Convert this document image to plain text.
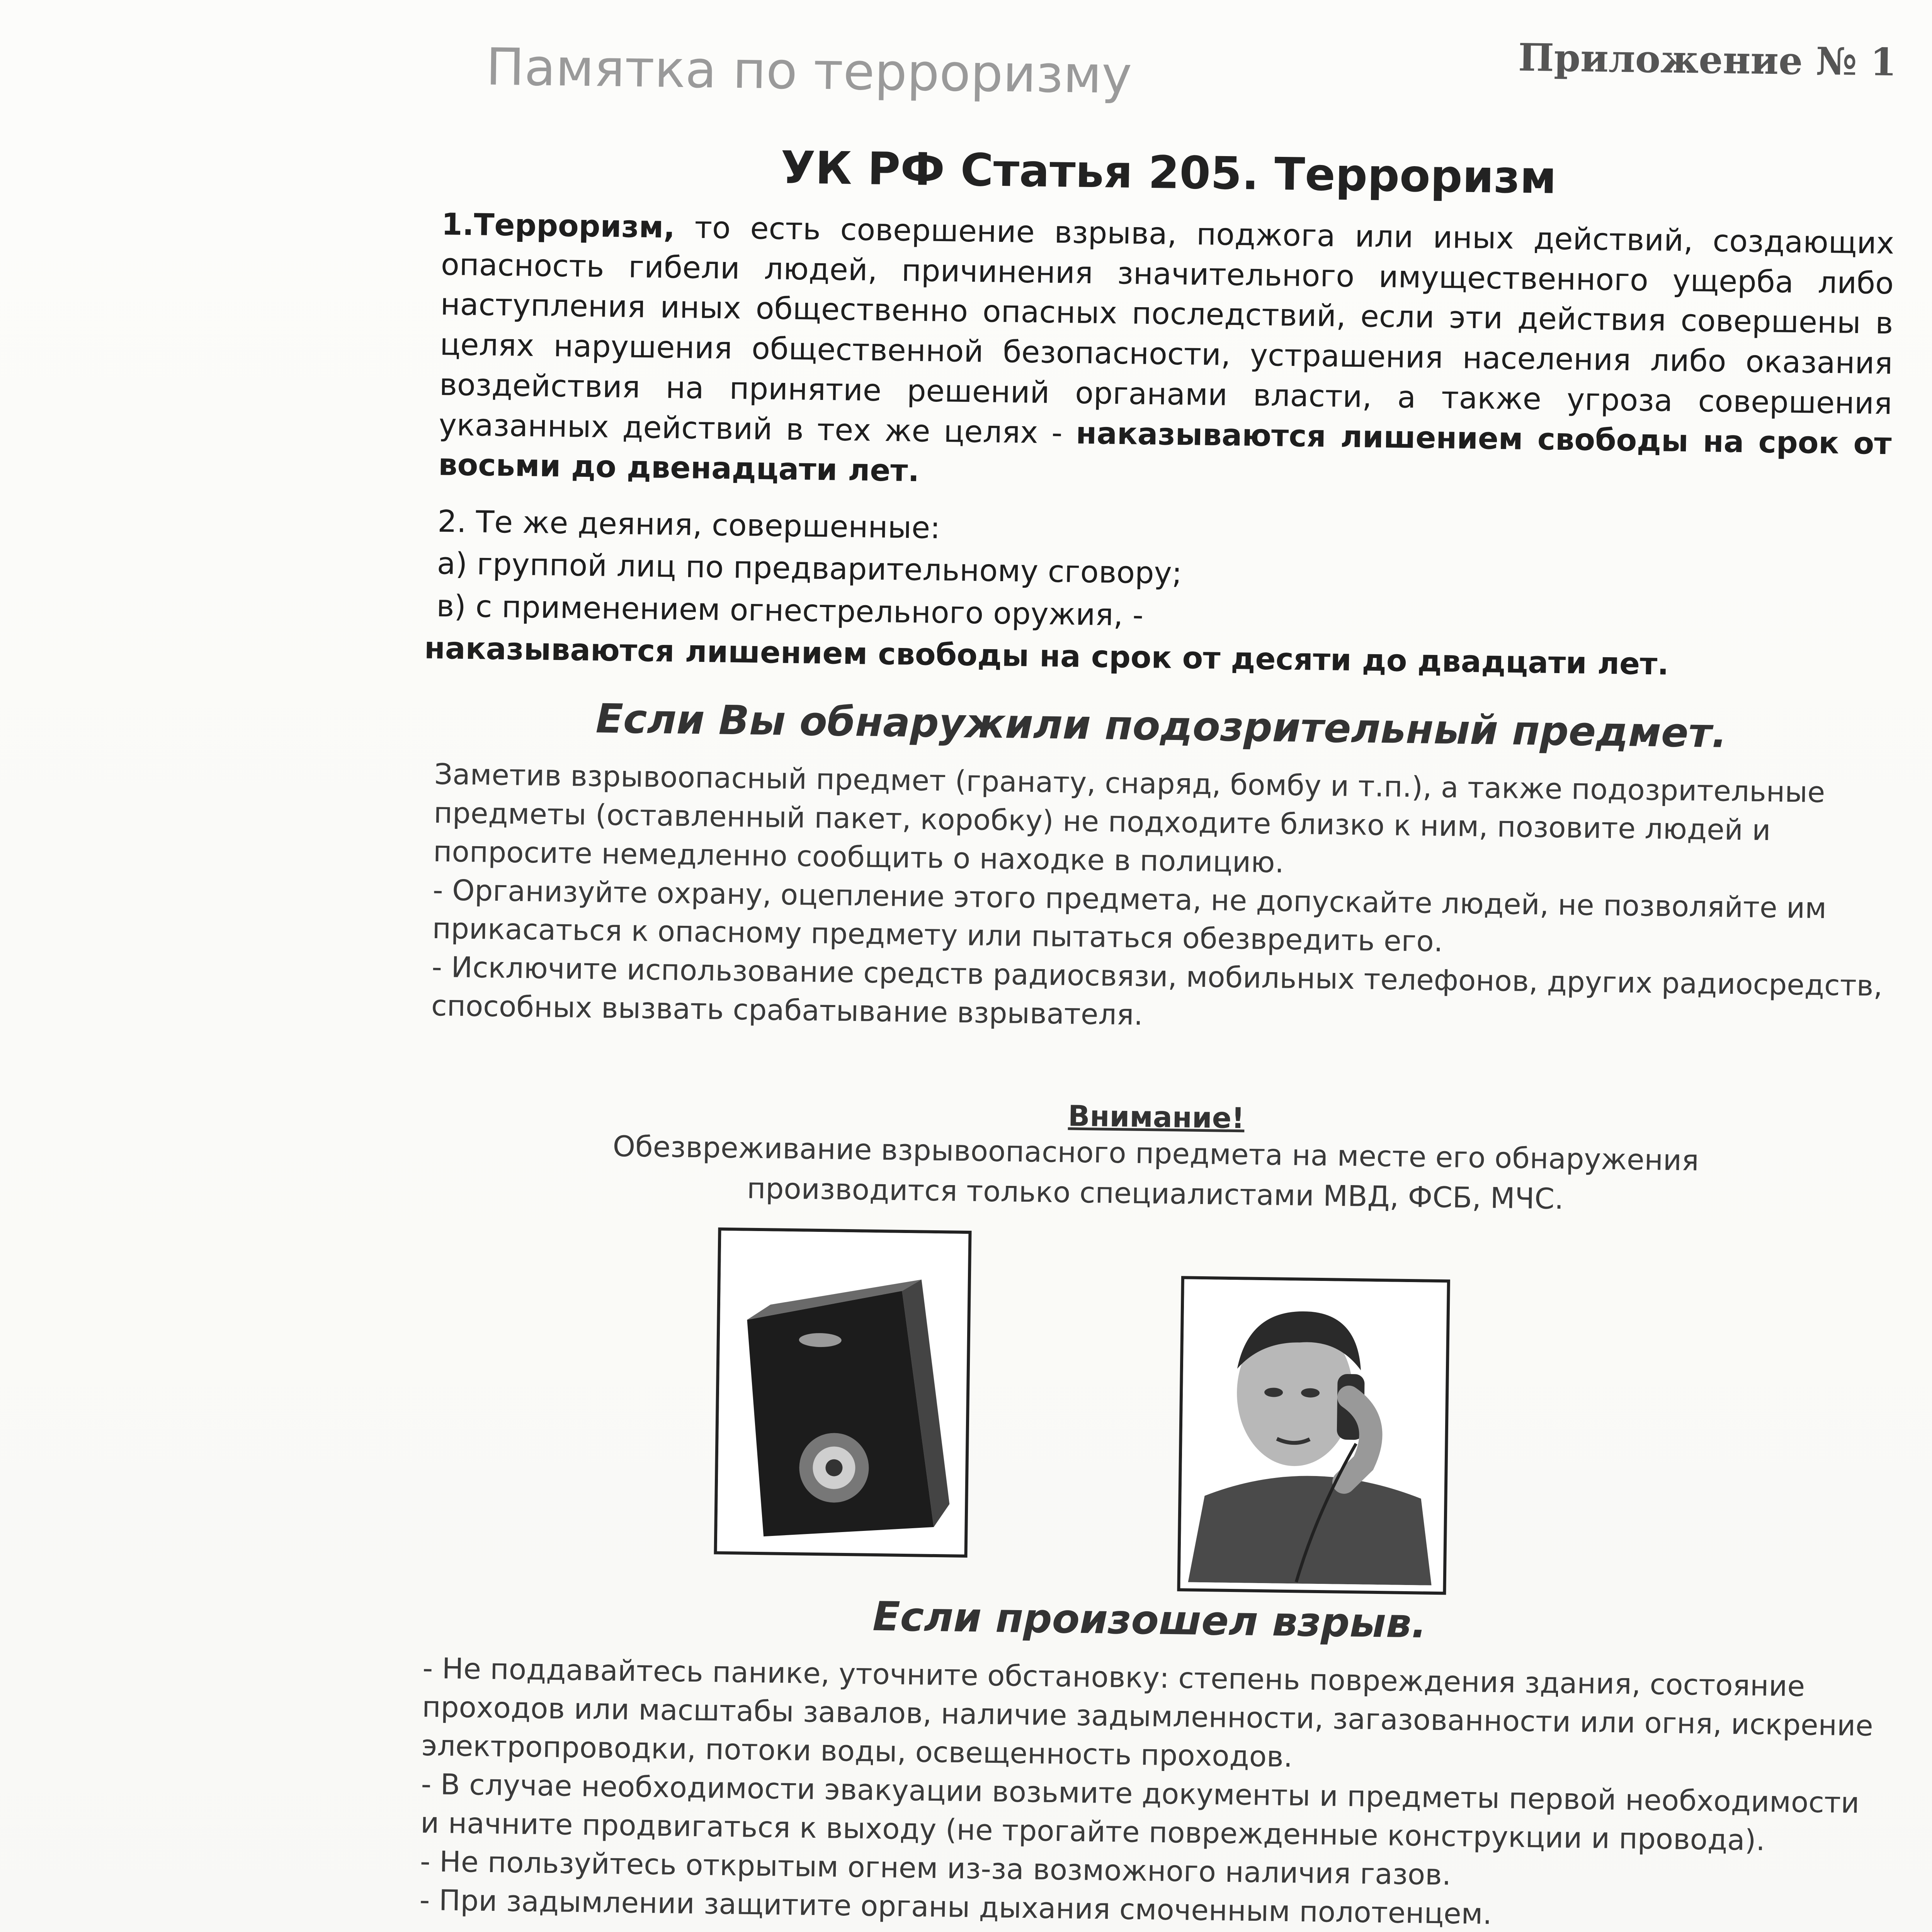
Приложение № 1
Памятка по терроризму
УК РФ Статья 205. Терроризм

1.Терроризм, то есть совершение взрыва, поджога или иных действий, создающих опасность гибели людей, причинения значительного имущественного ущерба либо наступления иных общественно опасных последствий, если эти действия совершены в целях нарушения общественной безопасности, устрашения населения либо оказания воздействия на принятие решений органами власти, а также угроза совершения указанных действий в тех же целях - наказываются лишением свободы на срок от восьми до двенадцати лет.

2. Те же деяния, совершенные:
а) группой лиц по предварительному сговору;
в) с применением огнестрельного оружия, -
наказываются лишением свободы на срок от десяти до двадцати лет.
Если Вы обнаружили подозрительный предмет.

Заметив взрывоопасный предмет (гранату, снаряд, бомбу и т.п.), а также подозрительные предметы (оставленный пакет, коробку) не подходите близко к ним, позовите людей и попросите немедленно сообщить о находке в полицию.

- Организуйте охрану, оцепление этого предмета, не допускайте людей, не позволяйте им прикасаться к опасному предмету или пытаться обезвредить его.

- Исключите использование средств радиосвязи, мобильных телефонов, других радиосредств, способных вызвать срабатывание взрывателя.

Внимание!
Обезвреживание взрывоопасного предмета на месте его обнаружения производится только специалистами МВД, ФСБ, МЧС.
Если произошел взрыв.

- Не поддавайтесь панике, уточните обстановку: степень повреждения здания, состояние проходов или масштабы завалов, наличие задымленности, загазованности или огня, искрение электропроводки, потоки воды, освещенность проходов.

- В случае необходимости эвакуации возьмите документы и предметы первой необходимости и начните продвигаться к выходу (не трогайте поврежденные конструкции и провода).

- Не пользуйтесь открытым огнем из-за возможного наличия газов.

- При задымлении защитите органы дыхания смоченным полотенцем.
